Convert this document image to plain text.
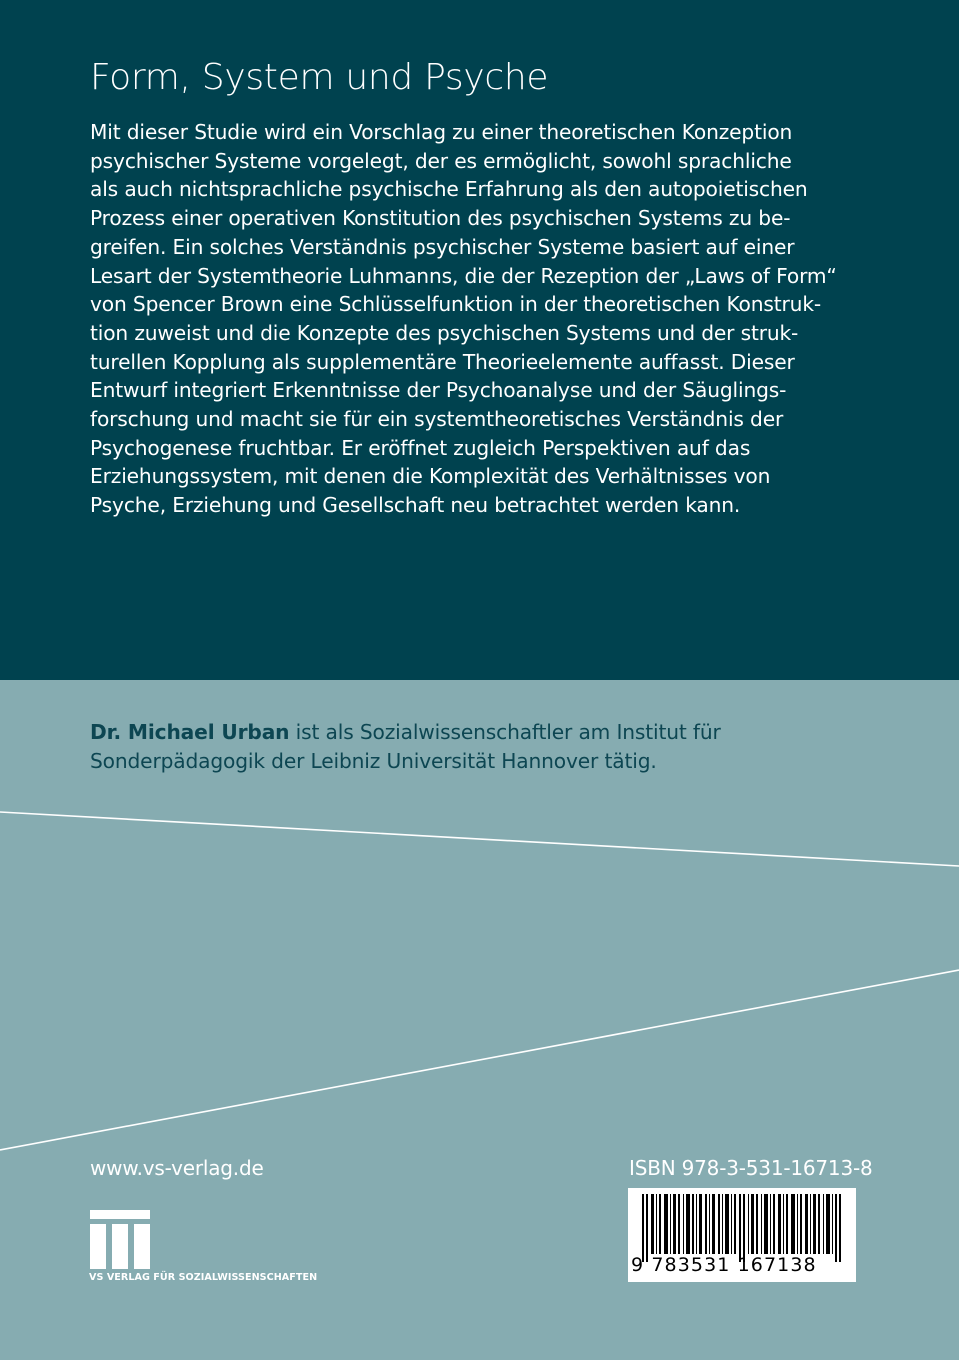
Form, System und Psyche

Mit dieser Studie wird ein Vorschlag zu einer theoretischen Konzeption
psychischer Systeme vorgelegt, der es ermöglicht, sowohl sprachliche
als auch nichtsprachliche psychische Erfahrung als den autopoietischen
Prozess einer operativen Konstitution des psychischen Systems zu be-
greifen. Ein solches Verständnis psychischer Systeme basiert auf einer
Lesart der Systemtheorie Luhmanns, die der Rezeption der „Laws of Form“
von Spencer Brown eine Schlüsselfunktion in der theoretischen Konstruk-
tion zuweist und die Konzepte des psychischen Systems und der struk-
turellen Kopplung als supplementäre Theorieelemente auffasst. Dieser
Entwurf integriert Erkenntnisse der Psychoanalyse und der Säuglings-
forschung und macht sie für ein systemtheoretisches Verständnis der
Psychogenese fruchtbar. Er eröffnet zugleich Perspektiven auf das
Erziehungssystem, mit denen die Komplexität des Verhältnisses von
Psyche, Erziehung und Gesellschaft neu betrachtet werden kann.

Dr. Michael Urban ist als Sozialwissenschaftler am Institut für
Sonderpädagogik der Leibniz Universität Hannover tätig.

www.vs-verlag.de

VS VERLAG FÜR SOZIALWISSENSCHAFTEN

ISBN 978-3-531-16713-8

9 783531 167138
